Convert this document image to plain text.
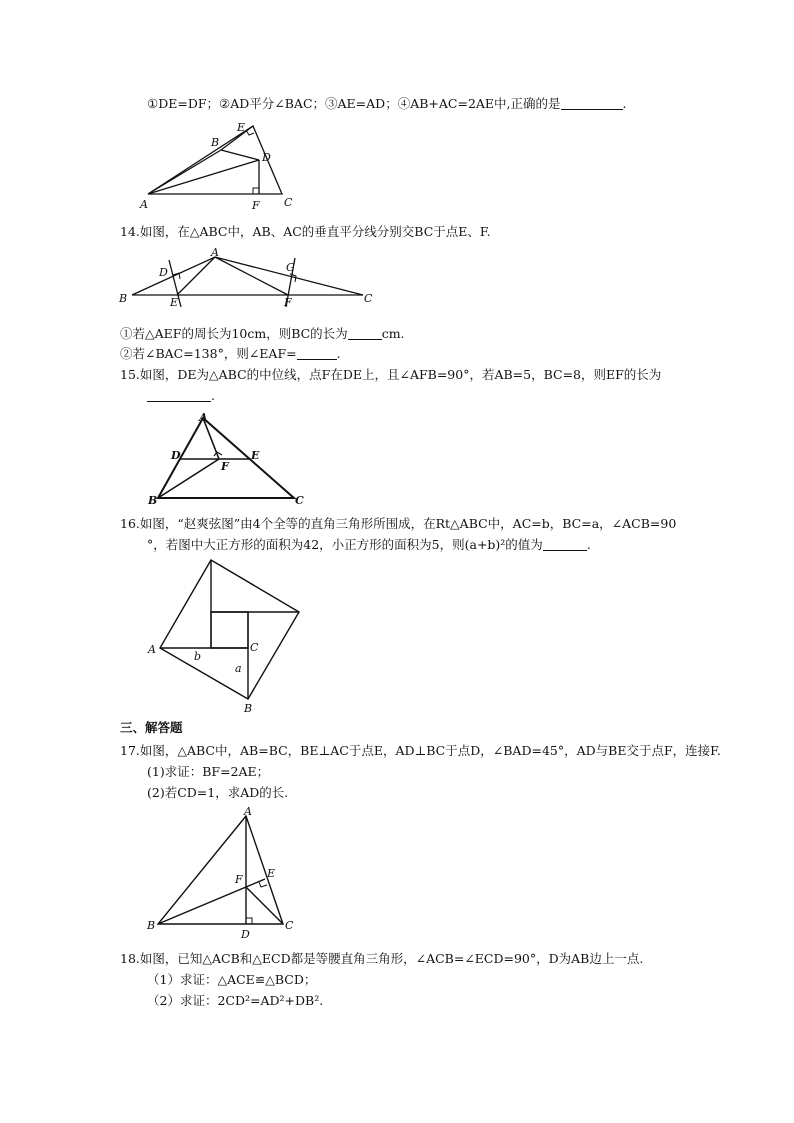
①DE=DF；②AD平分∠BAC；③AE=AD；④AB+AC=2AE中,正确的是	.
A
B
C
D
E
F
14.如图，在△ABC中，AB、AC的垂直平分线分别交BC于点E、F.
B
A
C
D
E
G
F
①若△AEF的周长为10cm，则BC的长为	cm.
②若∠BAC=138°，则∠EAF=	.
15.如图，DE为△ABC的中位线，点F在DE上，且∠AFB=90°，若AB=5，BC=8，则EF的长为
.
A
B	C
D	E
F
16.如图，“赵爽弦图”由4个全等的直角三角形所围成，在Rt△ABC中，AC=b，BC=a，∠ACB=90
°，若图中大正方形的面积为42，小正方形的面积为5，则(a+b)²的值为	.
A
B
C
b
a
三、解答题
17.如图，△ABC中，AB=BC，BE⊥AC于点E，AD⊥BC于点D，∠BAD=45°，AD与BE交于点F，连接F.
(1)求证：BF=2AE；
(2)若CD=1，求AD的长.
A
B	C
D
E
F
18.如图，已知△ACB和△ECD都是等腰直角三角形，∠ACB=∠ECD=90°，D为AB边上一点.
（1）求证：△ACE≌△BCD；
（2）求证：2CD²=AD²+DB².
